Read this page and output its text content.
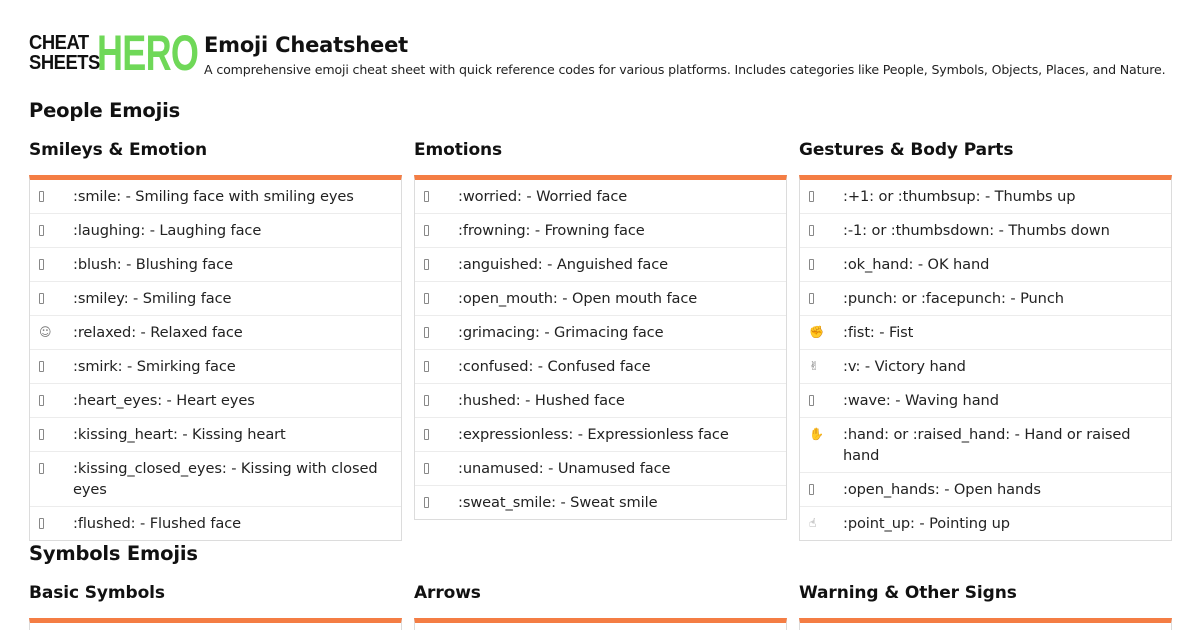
CHEAT
SHEETS
HERO Emoji Cheatsheet

A comprehensive emoji cheat sheet with quick reference codes for various platforms. Includes categories like People, Symbols, Objects, Places, and Nature.

People Emojis
Smileys & Emotion
:smile: - Smiling face with smiling eyes
:laughing: - Laughing face
:blush: - Blushing face
:smiley: - Smiling face
☺	:relaxed: - Relaxed face
:smirk: - Smirking face
:heart_eyes: - Heart eyes
:kissing_heart: - Kissing heart
:kissing_closed_eyes: - Kissing with closed eyes
:flushed: - Flushed face
Emotions
:worried: - Worried face
:frowning: - Frowning face
:anguished: - Anguished face
:open_mouth: - Open mouth face
:grimacing: - Grimacing face
:confused: - Confused face
:hushed: - Hushed face
:expressionless: - Expressionless face
:unamused: - Unamused face
:sweat_smile: - Sweat smile
Gestures & Body Parts
:+1: or :thumbsup: - Thumbs up
:-1: or :thumbsdown: - Thumbs down
:ok_hand: - OK hand
:punch: or :facepunch: - Punch
✊	:fist: - Fist
✌	:v: - Victory hand
:wave: - Waving hand
✋	:hand: or :raised_hand: - Hand or raised hand
:open_hands: - Open hands
☝	:point_up: - Pointing up
Symbols Emojis
Basic Symbols	Arrows	Warning & Other Signs
